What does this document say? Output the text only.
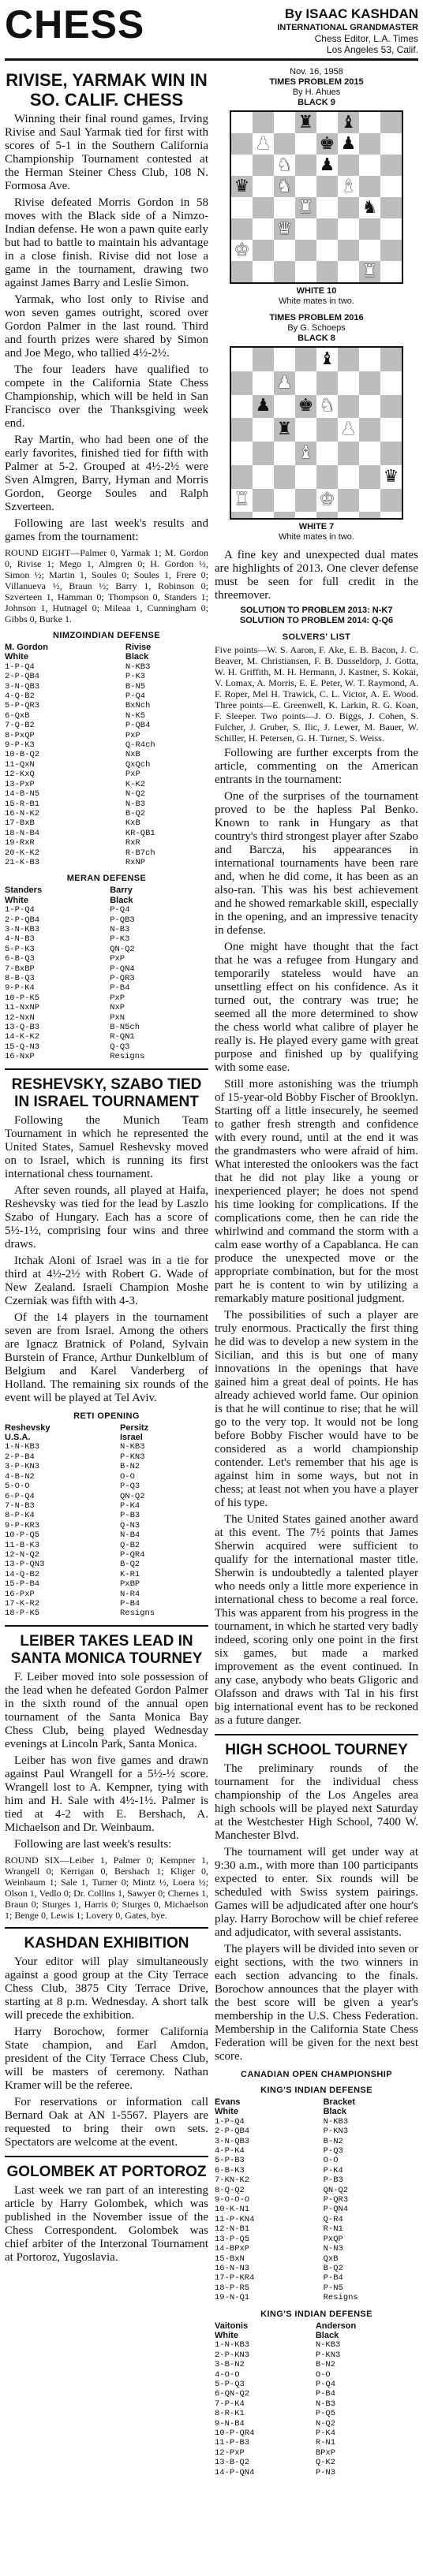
CHESS	By ISAAC KASHDAN
INTERNATIONAL GRANDMASTER
Chess Editor, L.A. Times
Los Angeles 53, Calif.
RIVISE, YARMAK WIN IN SO. CALIF. CHESS

Winning their final round games, Irving Rivise and Saul Yarmak tied for first with scores of 5-1 in the Southern California Championship Tournament contested at the Herman Steiner Chess Club, 108 N. Formosa Ave.

Rivise defeated Morris Gordon in 58 moves with the Black side of a Nimzo-Indian defense. He won a pawn quite early but had to battle to maintain his advantage in a close finish. Rivise did not lose a game in the tournament, drawing two against James Barry and Leslie Simon.

Yarmak, who lost only to Rivise and won seven games outright, scored over Gordon Palmer in the last round. Third and fourth prizes were shared by Simon and Joe Mego, who tallied 4½-2½.

The four leaders have qualified to compete in the California State Chess Championship, which will be held in San Francisco over the Thanksgiving week end.

Ray Martin, who had been one of the early favorites, finished tied for fifth with Palmer at 5-2. Grouped at 4½-2½ were Sven Almgren, Barry, Hyman and Morris Gordon, George Soules and Ralph Szverteen.

Following are last week's results and games from the tournament:

ROUND EIGHT—Palmer 0, Yarmak 1; M. Gordon 0, Rivise 1; Mego 1, Almgren 0; H. Gordon ½, Simon ½; Martin 1, Soules 0; Soules 1, Frere 0; Villanueva ½, Braun ½; Barry 1, Robinson 0; Szverteen 1, Hamman 0; Thompson 0, Standers 1; Johnson 1, Hutnagel 0; Mileaa 1, Cunningham 0; Gibbs 0, Burke 1.

NIMZOINDIAN DEFENSE
M. Gordon	Rivise
White	Black
1-P-Q4	N-KB3
2-P-QB4	P-K3
3-N-QB3	B-N5
4-Q-B2	P-Q4
5-P-QR3	BxNch
6-QxB	N-K5
7-Q-B2	P-QB4
8-PxQP	PxP
9-P-K3	Q-R4ch
10-B-Q2	NxB
11-QxN	QxQch
12-KxQ	PxP
13-PxP	K-K2
14-B-N5	N-Q2
15-R-B1	N-B3
16-N-K2	B-Q2
17-BxB	KxB
18-N-B4	KR-QB1
19-RxR	RxR
20-K-K2	R-B7ch
21-K-B3	RxNP
MERAN DEFENSE
Standers	Barry
White	Black
1-P-Q4	P-Q4
2-P-QB4	P-QB3
3-N-KB3	N-B3
4-N-B3	P-K3
5-P-K3	QN-Q2
6-B-Q3	PxP
7-BxBP	P-QN4
8-B-Q3	P-QR3
9-P-K4	P-B4
10-P-K5	PxP
11-NxNP	NxP
12-NxN	PxN
13-Q-B3	B-N5ch
14-K-K2	R-QN1
15-Q-N3	Q-Q3
16-NxP	Resigns
RESHEVSKY, SZABO TIED IN ISRAEL TOURNAMENT

Following the Munich Team Tournament in which he represented the United States, Samuel Reshevsky moved on to Israel, which is running its first international chess tournament.

After seven rounds, all played at Haifa, Reshevsky was tied for the lead by Laszlo Szabo of Hungary. Each has a score of 5½-1½, comprising four wins and three draws.

Itchak Aloni of Israel was in a tie for third at 4½-2½ with Robert G. Wade of New Zealand. Israeli Champion Moshe Czerniak was fifth with 4-3.

Of the 14 players in the tournament seven are from Israel. Among the others are Ignacz Bratnick of Poland, Sylvain Burstein of France, Arthur Dunkelblum of Belgium and Karel Vanderberg of Holland. The remaining six rounds of the event will be played at Tel Aviv.

RETI OPENING
Reshevsky	Persitz
U.S.A.	Israel
1-N-KB3	N-KB3
2-P-B4	P-KN3
3-P-KN3	B-N2
4-B-N2	O-O
5-O-O	P-Q3
6-P-Q4	QN-Q2
7-N-B3	P-K4
8-P-K4	P-B3
9-P-KR3	Q-N3
10-P-Q5	N-B4
11-B-K3	Q-B2
12-N-Q2	P-QR4
13-P-QN3	B-Q2
14-Q-B2	K-R1
15-P-B4	PxBP
16-PxP	N-R4
17-K-R2	P-B4
18-P-K5	Resigns
LEIBER TAKES LEAD IN SANTA MONICA TOURNEY

F. Leiber moved into sole possession of the lead when he defeated Gordon Palmer in the sixth round of the annual open tournament of the Santa Monica Bay Chess Club, being played Wednesday evenings at Lincoln Park, Santa Monica.

Leiber has won five games and drawn against Paul Wrangell for a 5½-½ score. Wrangell lost to A. Kempner, tying with him and H. Sale with 4½-1½. Palmer is tied at 4-2 with E. Bershach, A. Michaelson and Dr. Weinbaum.

Following are last week's results:

ROUND SIX—Leiber 1, Palmer 0; Kempner 1, Wrangell 0; Kerrigan 0, Bershach 1; Kliger 0, Weinbaum 1; Sale 1, Turner 0; Mintz ½, Loera ½; Olson 1, Vedlo 0; Dr. Collins 1, Sawyer 0; Chernes 1, Braun 0; Sturges 1, Harris 0; Sturges 0, Michaelson 1; Benge 0, Lewis 1; Lovery 0, Gates, bye.

KASHDAN EXHIBITION

Your editor will play simultaneously against a good group at the City Terrace Chess Club, 3875 City Terrace Drive, starting at 8 p.m. Wednesday. A short talk will precede the exhibition.

Harry Borochow, former California State champion, and Earl Amdon, president of the City Terrace Chess Club, will be masters of ceremony. Nathan Kramer will be the referee.

For reservations or information call Bernard Oak at AN 1-5567. Players are requested to bring their own sets. Spectators are welcome at the event.

GOLOMBEK AT PORTOROZ

Last week we ran part of an interesting article by Harry Golombek, which was published in the November issue of the Chess Correspondent. Golombek was chief arbiter of the Interzonal Tournament at Portoroz, Yugoslavia.

Nov. 16, 1958
TIMES PROBLEM 2015
By H. Ahues
BLACK 9
♜ ♝
♟	♚ ♟
♞ ♟
♛ ♞	♝
♜	♞
♛
♚
♜
WHITE 10
White mates in two.
TIMES PROBLEM 2016
By G. Schoeps
BLACK 8
♝
♟
♟ ♚ ♞
♜	♟
♝
♛
♜	♚
WHITE 7
White mates in two.

A fine key and unexpected dual mates are highlights of 2013. One clever defense must be seen for full credit in the threemover.

SOLUTION TO PROBLEM 2013: N-K7
SOLUTION TO PROBLEM 2014: Q-Q6
SOLVERS' LIST

Five points—W. S. Aaron, F. Ake, E. B. Bacon, J. C. Beaver, M. Christiansen, F. B. Dusseldorp, J. Gotta, W. H. Griffith, M. H. Hermann, J. Kastner, S. Kokai, V. Lomax, A. Morris, E. E. Peter, W. T. Raymond, A. F. Roper, Mel H. Trawick, C. L. Victor, A. E. Wood. Three points—E. Greenwell, K. Larkin, R. G. Koan, F. Sleeper. Two points—J. O. Biggs, J. Cohen, S. Fulcher, J. Gruber, S. Ilic, J. Lewer, M. Bauer, W. Schiller, H. Petersen, G. H. Turner, S. Weiss.

Following are further excerpts from the article, commenting on the American entrants in the tournament:

One of the surprises of the tournament proved to be the hapless Pal Benko. Known to rank in Hungary as that country's third strongest player after Szabo and Barcza, his appearances in international tournaments have been rare and, when he did come, it has been as an also-ran. This was his best achievement and he showed remarkable skill, especially in the opening, and an impressive tenacity in defense.

One might have thought that the fact that he was a refugee from Hungary and temporarily stateless would have an unsettling effect on his confidence. As it turned out, the contrary was true; he seemed all the more determined to show the chess world what calibre of player he really is. He played every game with great purpose and finished up by qualifying with some ease.

Still more astonishing was the triumph of 15-year-old Bobby Fischer of Brooklyn. Starting off a little insecurely, he seemed to gather fresh strength and confidence with every round, until at the end it was the grandmasters who were afraid of him. What interested the onlookers was the fact that he did not play like a young or inexperienced player; he does not spend his time looking for complications. If the complications come, then he can ride the whirlwind and command the storm with a calm ease worthy of a Capablanca. He can produce the unexpected move or the appropriate combination, but for the most part he is content to win by utilizing a remarkably mature positional judgment.

The possibilities of such a player are truly enormous. Practically the first thing he did was to develop a new system in the Sicilian, and this is but one of many innovations in the openings that have gained him a great deal of points. He has already achieved world fame. Our opinion is that he will continue to rise; that he will go to the very top. It would not be long before Bobby Fischer would have to be considered as a world championship contender. Let's remember that his age is against him in some ways, but not in chess; at least not when you have a player of his type.

The United States gained another award at this event. The 7½ points that James Sherwin acquired were sufficient to qualify for the international master title. Sherwin is undoubtedly a talented player who needs only a little more experience in international chess to become a real force. This was apparent from his progress in the tournament, in which he started very badly indeed, scoring only one point in the first six games, but made a marked improvement as the event continued. In any case, anybody who beats Gligoric and Olafsson and draws with Tal in his first big international event has to be reckoned as a future danger.

HIGH SCHOOL TOURNEY

The preliminary rounds of the tournament for the individual chess championship of the Los Angeles area high schools will be played next Saturday at the Westchester High School, 7400 W. Manchester Blvd.

The tournament will get under way at 9:30 a.m., with more than 100 participants expected to enter. Six rounds will be scheduled with Swiss system pairings. Games will be adjudicated after one hour's play. Harry Borochow will be chief referee and adjudicator, with several assistants.

The players will be divided into seven or eight sections, with the two winners in each section advancing to the finals. Borochow announces that the player with the best score will be given a year's membership in the U.S. Chess Federation. Membership in the California State Chess Federation will be given for the next best score.

CANADIAN OPEN CHAMPIONSHIP
KING'S INDIAN DEFENSE
Evans	Bracket
White	Black
1-P-Q4	N-KB3
2-P-QB4	P-KN3
3-N-QB3	B-N2
4-P-K4	P-Q3
5-P-B3	O-O
6-B-K3	P-K4
7-KN-K2	P-B3
8-Q-Q2	QN-Q2
9-O-O-O	P-QR3
10-K-N1	P-QN4
11-P-KN4	Q-R4
12-N-B1	R-N1
13-P-Q5	PxQP
14-BPxP	N-N3
15-BxN	QxB
16-N-N3	B-Q2
17-P-KR4	P-B4
18-P-R5	P-N5
19-N-Q1	Resigns
KING'S INDIAN DEFENSE
Vaitonis	Anderson
White	Black
1-N-KB3	N-KB3
2-P-KN3	P-KN3
3-B-N2	B-N2
4-O-O	O-O
5-P-Q3	P-Q4
6-QN-Q2	P-B4
7-P-K4	N-B3
8-R-K1	P-Q5
9-N-B4	N-Q2
10-P-QR4	P-K4
11-P-B3	R-N1
12-PxP	BPxP
13-B-Q2	Q-K2
14-P-QN4	P-N3
